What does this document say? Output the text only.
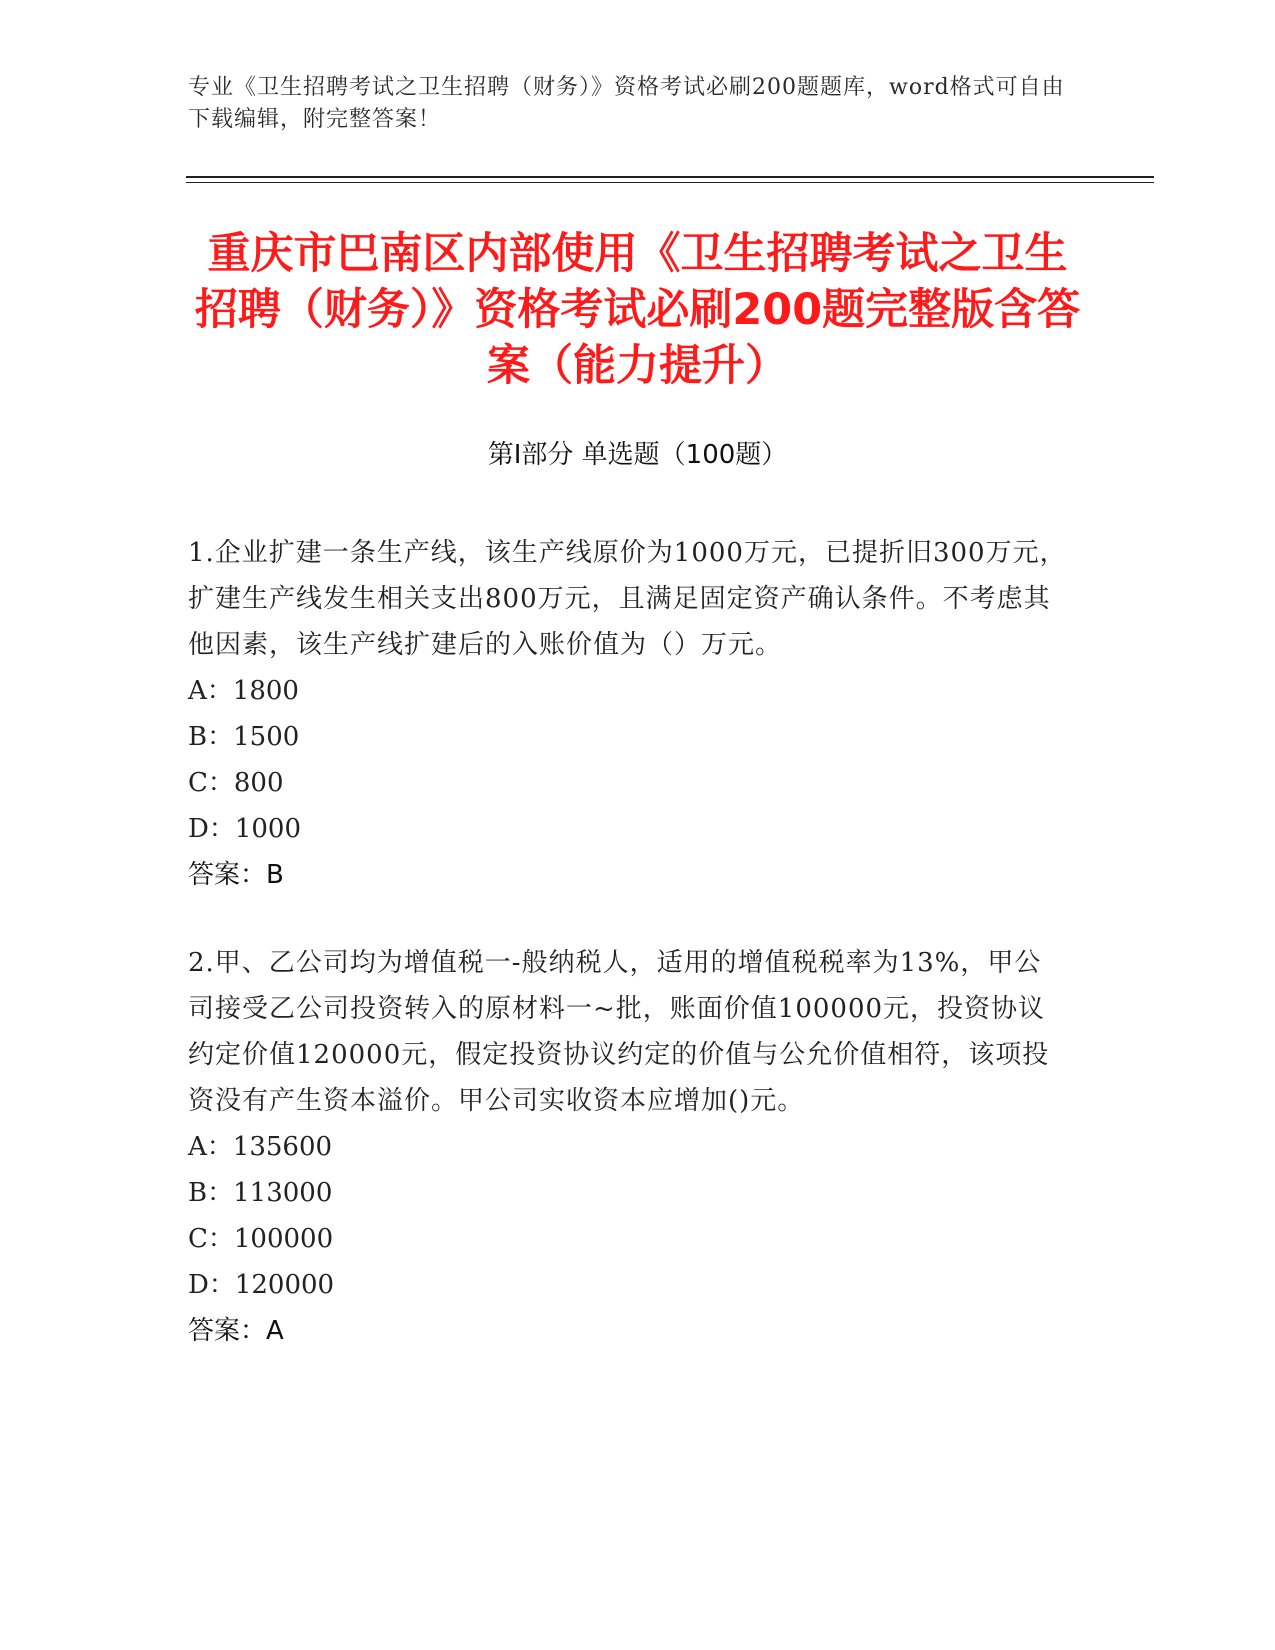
专业《卫生招聘考试之卫生招聘（财务）》资格考试必刷200题题库，word格式可自由下载编辑，附完整答案！
重庆市巴南区内部使用《卫生招聘考试之卫生招聘（财务）》资格考试必刷200题完整版含答案（能力提升）
第I部分 单选题（100题）

1.企业扩建一条生产线，该生产线原价为1000万元，已提折旧300万元，扩建生产线发生相关支出800万元，且满足固定资产确认条件。不考虑其他因素，该生产线扩建后的入账价值为（）万元。

A：1800

B：1500

C：800

D：1000

答案：B

2.甲、乙公司均为增值税一-般纳税人，适用的增值税税率为13%，甲公司接受乙公司投资转入的原材料一~批，账面价值100000元，投资协议约定价值120000元，假定投资协议约定的价值与公允价值相符，该项投资没有产生资本溢价。甲公司实收资本应增加()元。

A：135600

B：113000

C：100000

D：120000

答案：A
